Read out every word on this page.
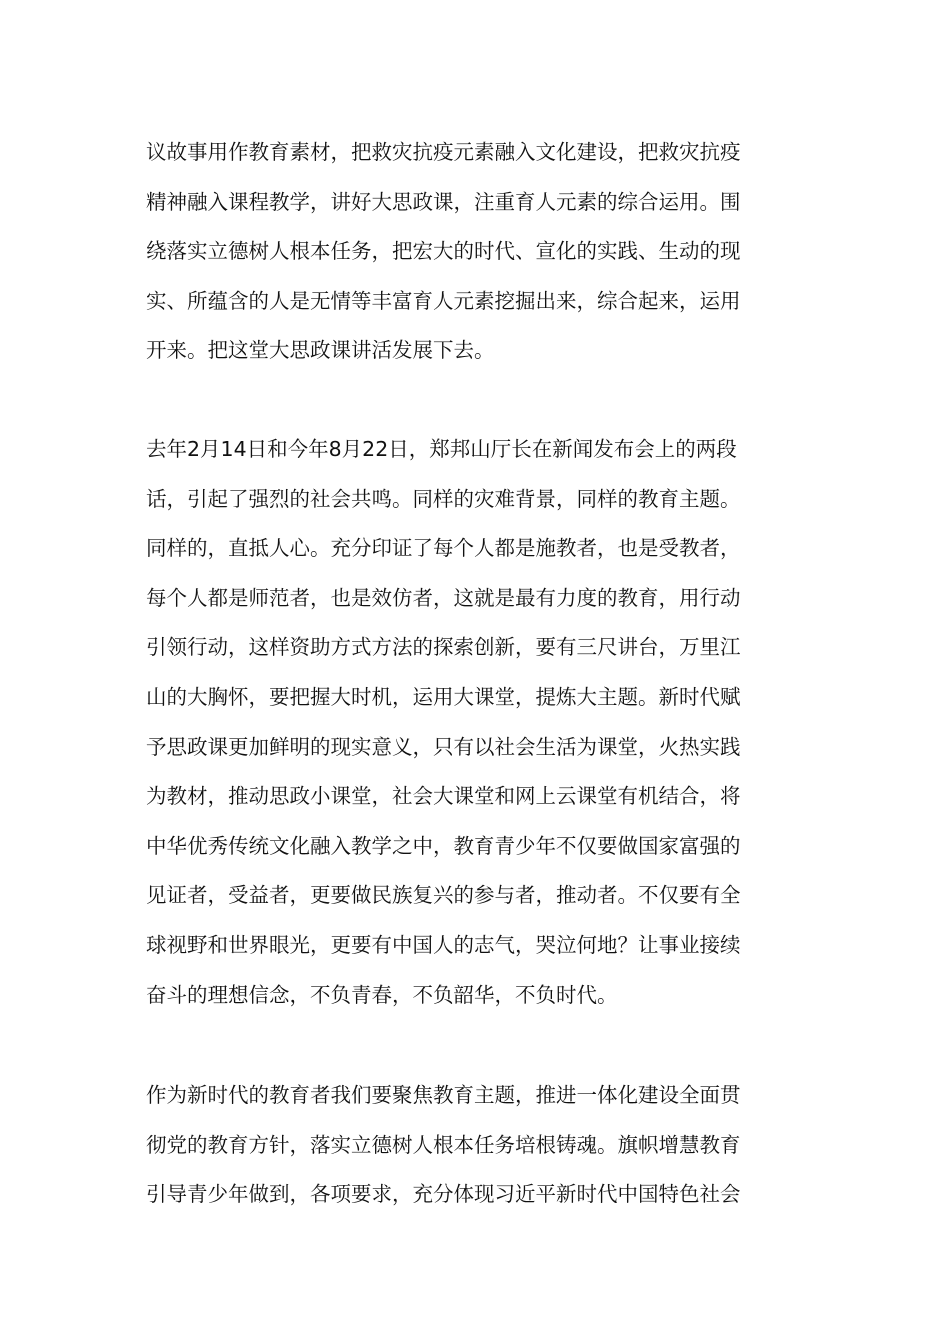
议故事用作教育素材，把救灾抗疫元素融入文化建设，把救灾抗疫
精神融入课程教学，讲好大思政课，注重育人元素的综合运用。围
绕落实立德树人根本任务，把宏大的时代、宣化的实践、生动的现
实、所蕴含的人是无情等丰富育人元素挖掘出来，综合起来，运用
开来。把这堂大思政课讲活发展下去。
去年2月14日和今年8月22日，郑邦山厅长在新闻发布会上的两段
话，引起了强烈的社会共鸣。同样的灾难背景，同样的教育主题。
同样的，直抵人心。充分印证了每个人都是施教者，也是受教者，
每个人都是师范者，也是效仿者，这就是最有力度的教育，用行动
引领行动，这样资助方式方法的探索创新，要有三尺讲台，万里江
山的大胸怀，要把握大时机，运用大课堂，提炼大主题。新时代赋
予思政课更加鲜明的现实意义，只有以社会生活为课堂，火热实践
为教材，推动思政小课堂，社会大课堂和网上云课堂有机结合，将
中华优秀传统文化融入教学之中，教育青少年不仅要做国家富强的
见证者，受益者，更要做民族复兴的参与者，推动者。不仅要有全
球视野和世界眼光，更要有中国人的志气，哭泣何地？让事业接续
奋斗的理想信念，不负青春，不负韶华，不负时代。
作为新时代的教育者我们要聚焦教育主题，推进一体化建设全面贯
彻党的教育方针，落实立德树人根本任务培根铸魂。旗帜增慧教育
引导青少年做到，各项要求，充分体现习近平新时代中国特色社会
